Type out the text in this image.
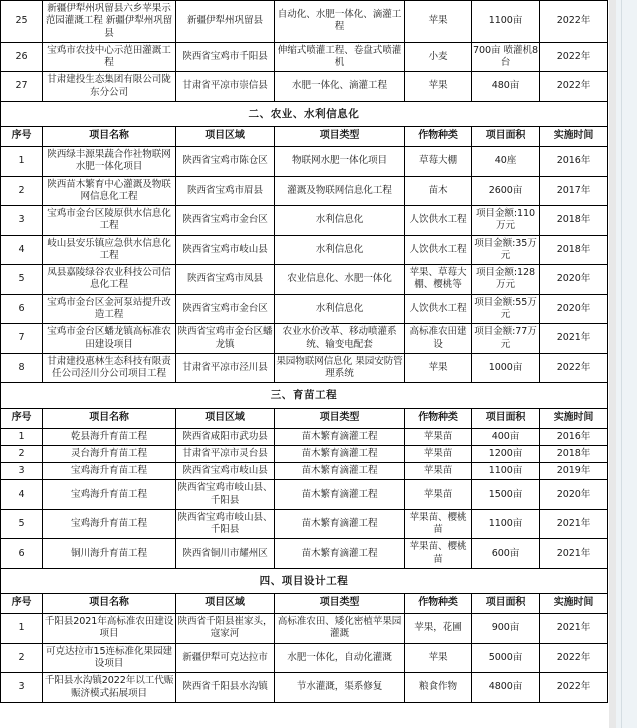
25	新疆伊犁州巩留县六乡苹果示范园灌溉工程 新疆伊犁州巩留县	新疆伊犁州巩留县	自动化、水肥一体化、滴灌工程	苹果	1100亩	2022年
26	宝鸡市农技中心示范田灌溉工程	陕西省宝鸡市千阳县	伸缩式喷灌工程、卷盘式喷灌机	小麦	700亩 喷灌机8台	2022年
27	甘肃建投生态集团有限公司陇东分公司	甘肃省平凉市崇信县	水肥一体化、滴灌工程	苹果	480亩	2022年
二、农业、水利信息化						
序号	项目名称	项目区域	项目类型	作物种类	项目面积	实施时间
1	陕西绿丰源果蔬合作社物联网水肥一体化项目	陕西省宝鸡市陈仓区	物联网水肥一体化项目	草莓大棚	40座	2016年
2	陕西苗木繁育中心灌溉及物联网信息化工程	陕西省宝鸡市眉县	灌溉及物联网信息化工程	苗木	2600亩	2017年
3	宝鸡市金台区陵原供水信息化工程	陕西省宝鸡市金台区	水利信息化	人饮供水工程	项目金额:110万元	2018年
4	岐山县安乐镇应急供水信息化工程	陕西省宝鸡市岐山县	水利信息化	人饮供水工程	项目金额:35万元	2018年
5	凤县嘉陵绿谷农业科技公司信息化工程	陕西省宝鸡市凤县	农业信息化、水肥一体化	苹果、草莓大棚、樱桃等	项目金额:128万元	2020年
6	宝鸡市金台区金河泵站提升改造工程	陕西省宝鸡市金台区	水利信息化	人饮供水工程	项目金额:55万元	2020年
7	宝鸡市金台区蟠龙镇高标准农田建设项目	陕西省宝鸡市金台区蟠龙镇	农业水价改革、移动喷灌系统、输变电配套	高标准农田建设	项目金额:77万元	2021年
8	甘肃建投惠林生态科技有限责任公司泾川分公司项目工程	甘肃省平凉市泾川县	果园物联网信息化 果园安防管理系统	苹果	1000亩	2022年
三、育苗工程						
序号	项目名称	项目区域	项目类型	作物种类	项目面积	实施时间
1	乾县海升育苗工程	陕西省咸阳市武功县	苗木繁育滴灌工程	苹果苗	400亩	2016年
2	灵台海升育苗工程	甘肃省平凉市灵台县	苗木繁育滴灌工程	苹果苗	1200亩	2018年
3	宝鸡海升育苗工程	陕西省宝鸡市岐山县	苗木繁育滴灌工程	苹果苗	1100亩	2019年
4	宝鸡海升育苗工程	陕西省宝鸡市岐山县、千阳县	苗木繁育滴灌工程	苹果苗	1500亩	2020年
5	宝鸡海升育苗工程	陕西省宝鸡市岐山县、千阳县	苗木繁育滴灌工程	苹果苗、樱桃苗	1100亩	2021年
6	铜川海升育苗工程	陕西省铜川市耀州区	苗木繁育滴灌工程	苹果苗、樱桃苗	600亩	2021年
四、项目设计工程						
序号	项目名称	项目区域	项目类型	作物种类	项目面积	实施时间
1	千阳县2021年高标准农田建设项目	陕西省千阳县崔家头，寇家河	高标准农田、矮化密植苹果园灌溉	苹果，花圃	900亩	2021年
2	可克达拉市15连标准化果园建设项目	新疆伊犁可克达拉市	水肥一体化，自动化灌溉	苹果	5000亩	2022年
3	千阳县水沟镇2022年以工代赈赈济模式拓展项目	陕西省千阳县水沟镇	节水灌溉，渠系修复	粮食作物	4800亩	2022年
